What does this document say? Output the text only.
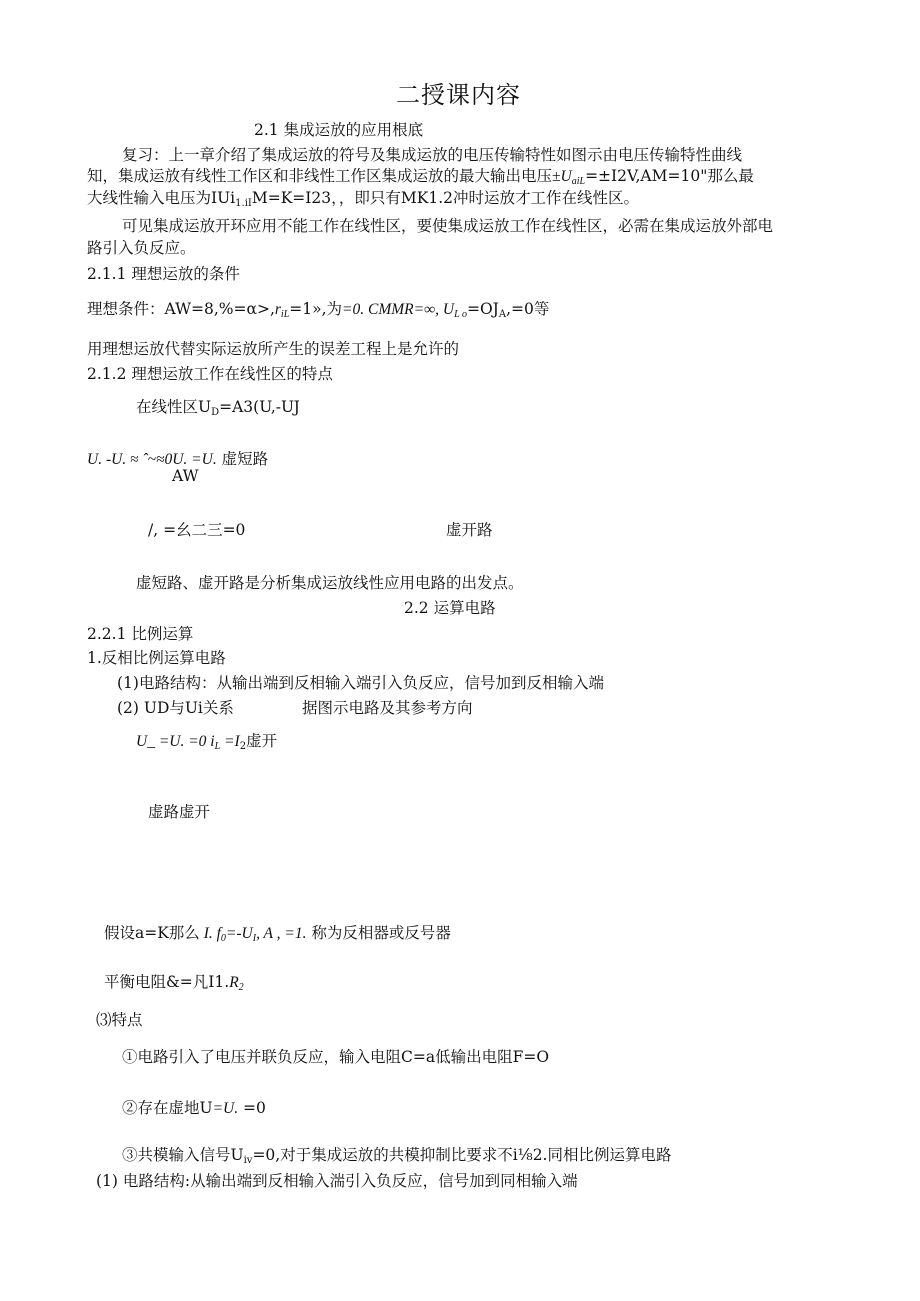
二授课内容
2.1 集成运放的应用根底
复习：上一章介绍了集成运放的符号及集成运放的电压传输特性如图示由电压传输特性曲线
知，集成运放有线性工作区和非线性工作区集成运放的最大输出电压$\pm U_{aiL}=\pm I2V,AM=10$"那么最
大线性输入电压为IUi$_{1.iI}$M=K=I23，，即只有MK1.2冲时运放才工作在线性区。
可见集成运放开环应用不能工作在线性区，要使集成运放工作在线性区，必需在集成运放外部电
路引入负反应。
2.1.1 理想运放的条件
理想条件：$AW=8,\%=\alpha>,r_{iL}=1$»,为=0. CMMR=∞, $U_{L o}=OJ_A,=0$等
用理想运放代替实际运放所产生的误差工程上是允许的
2.1.2 理想运放工作在线性区的特点
在线性区$U_D=A3(U,-UJ$
U. -U. ≈ ˆ~≈0U. =U. 虚短路
AW
/, =幺二三=0	虚开路
虚短路、虚开路是分析集成运放线性应用电路的出发点。
2.2 运算电路
2.2.1 比例运算
1.反相比例运算电路
(1)电路结构：从输出端到反相输入端引入负反应，信号加到反相输入端
(2) UD与Ui关系	据图示电路及其参考方向
U_ =U. =0 $i_L =I_2$虚开
虚路虚开
假设a=K那么 I. $f_0=-U_I$, A , =1. 称为反相器或反号器
平衡电阻&=凡$I1.R_2$
⑶特点
①电路引入了电压并联负反应，输入电阻C=a低输出电阻F=O
②存在虚地U=U. =0
③共模输入信号$U_{iv}=0$,对于集成运放的共模抑制比要求不i⅛2.同相比例运算电路
(1) 电路结构:从输出端到反相输入湍引入负反应，信号加到同相输入端
